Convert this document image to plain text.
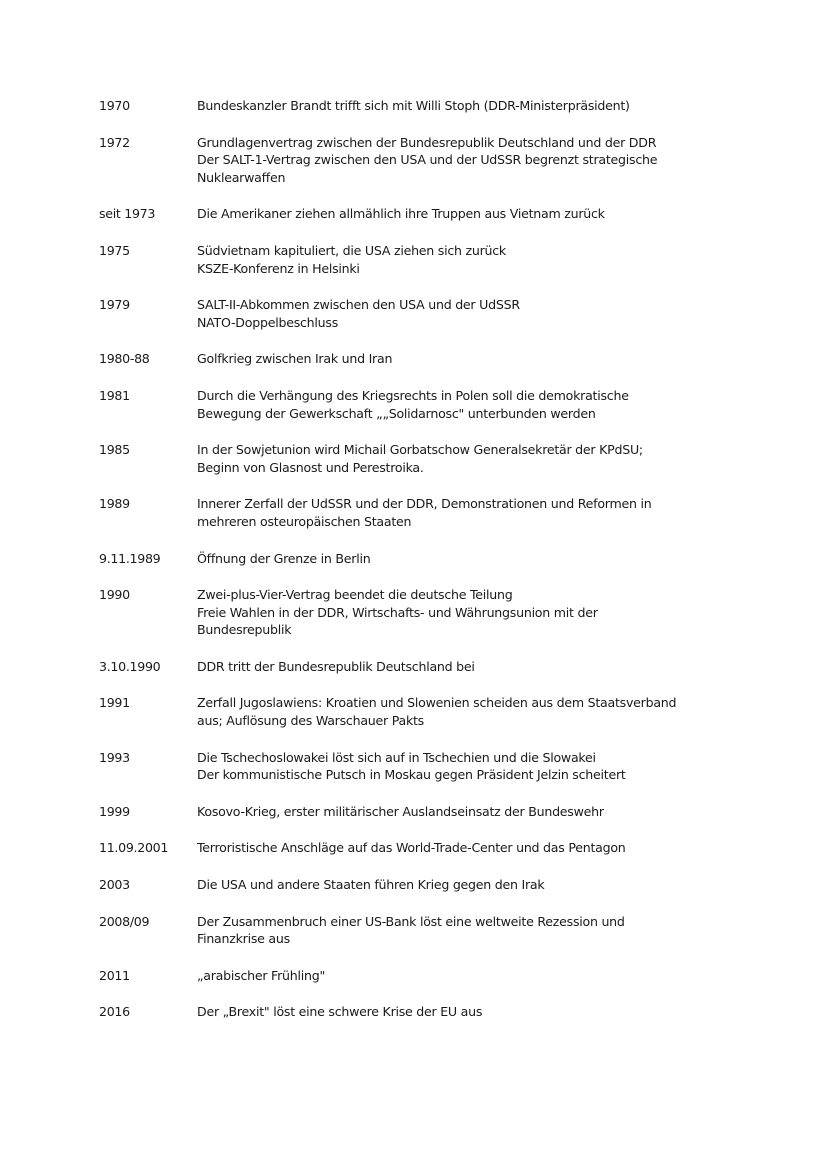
1970	Bundeskanzler Brandt trifft sich mit Willi Stoph (DDR-Ministerpräsident)
1972	Grundlagenvertrag zwischen der Bundesrepublik Deutschland und der DDR
Der SALT-1-Vertrag zwischen den USA und der UdSSR begrenzt strategische
Nuklearwaffen
seit 1973	Die Amerikaner ziehen allmählich ihre Truppen aus Vietnam zurück
1975	Südvietnam kapituliert, die USA ziehen sich zurück
KSZE-Konferenz in Helsinki
1979	SALT-II-Abkommen zwischen den USA und der UdSSR
NATO-Doppelbeschluss
1980-88	Golfkrieg zwischen Irak und Iran
1981	Durch die Verhängung des Kriegsrechts in Polen soll die demokratische
Bewegung der Gewerkschaft „„Solidarnosc" unterbunden werden
1985	In der Sowjetunion wird Michail Gorbatschow Generalsekretär der KPdSU;
Beginn von Glasnost und Perestroika.
1989	Innerer Zerfall der UdSSR und der DDR, Demonstrationen und Reformen in
mehreren osteuropäischen Staaten
9.11.1989	Öffnung der Grenze in Berlin
1990	Zwei-plus-Vier-Vertrag beendet die deutsche Teilung
Freie Wahlen in der DDR, Wirtschafts- und Währungsunion mit der
Bundesrepublik
3.10.1990	DDR tritt der Bundesrepublik Deutschland bei
1991	Zerfall Jugoslawiens: Kroatien und Slowenien scheiden aus dem Staatsverband
aus; Auflösung des Warschauer Pakts
1993	Die Tschechoslowakei löst sich auf in Tschechien und die Slowakei
Der kommunistische Putsch in Moskau gegen Präsident Jelzin scheitert
1999	Kosovo-Krieg, erster militärischer Auslandseinsatz der Bundeswehr
11.09.2001	Terroristische Anschläge auf das World-Trade-Center und das Pentagon
2003	Die USA und andere Staaten führen Krieg gegen den Irak
2008/09	Der Zusammenbruch einer US-Bank löst eine weltweite Rezession und
Finanzkrise aus
2011	„arabischer Frühling"
2016	Der „Brexit" löst eine schwere Krise der EU aus
